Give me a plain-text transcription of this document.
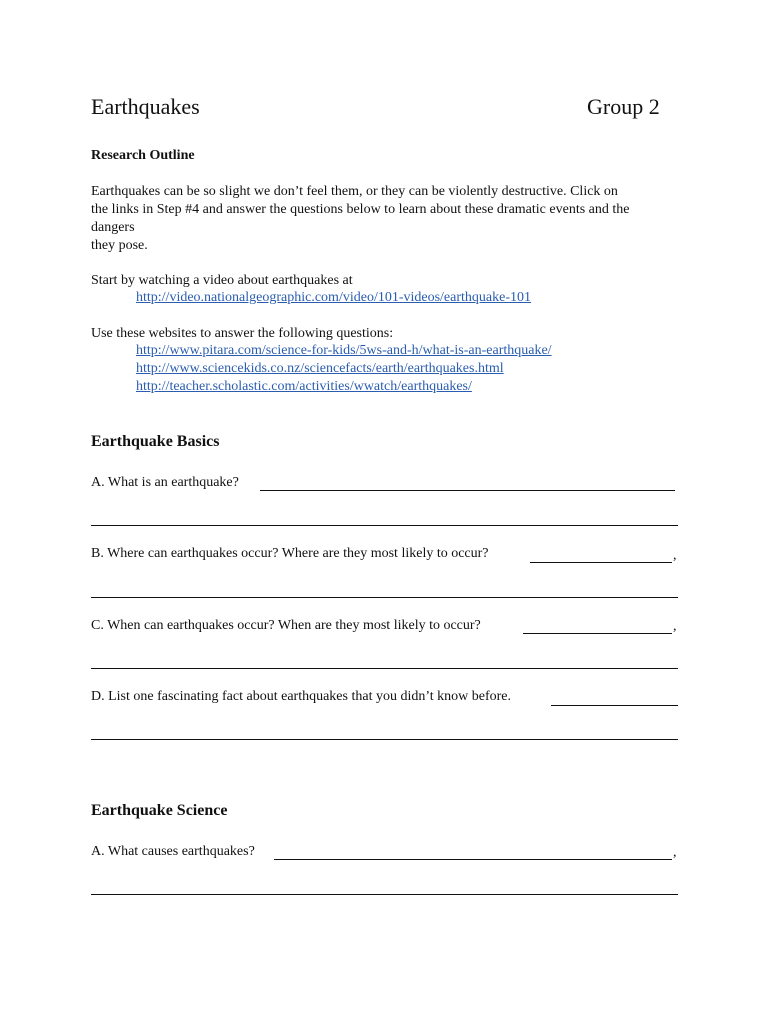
Earthquakes	Group 2
Research Outline
Earthquakes can be so slight we don’t feel them, or they can be violently destructive. Click on
the links in Step #4 and answer the questions below to learn about these dramatic events and the
dangers
they pose.
Start by watching a video about earthquakes at
http://video.nationalgeographic.com/video/101-videos/earthquake-101
Use these websites to answer the following questions:
http://www.pitara.com/science-for-kids/5ws-and-h/what-is-an-earthquake/
http://www.sciencekids.co.nz/sciencefacts/earth/earthquakes.html
http://teacher.scholastic.com/activities/wwatch/earthquakes/
Earthquake Basics
A. What is an earthquake?
B. Where can earthquakes occur? Where are they most likely to occur?	,
C. When can earthquakes occur? When are they most likely to occur?	,
D. List one fascinating fact about earthquakes that you didn’t know before.
Earthquake Science
A. What causes earthquakes?	,
